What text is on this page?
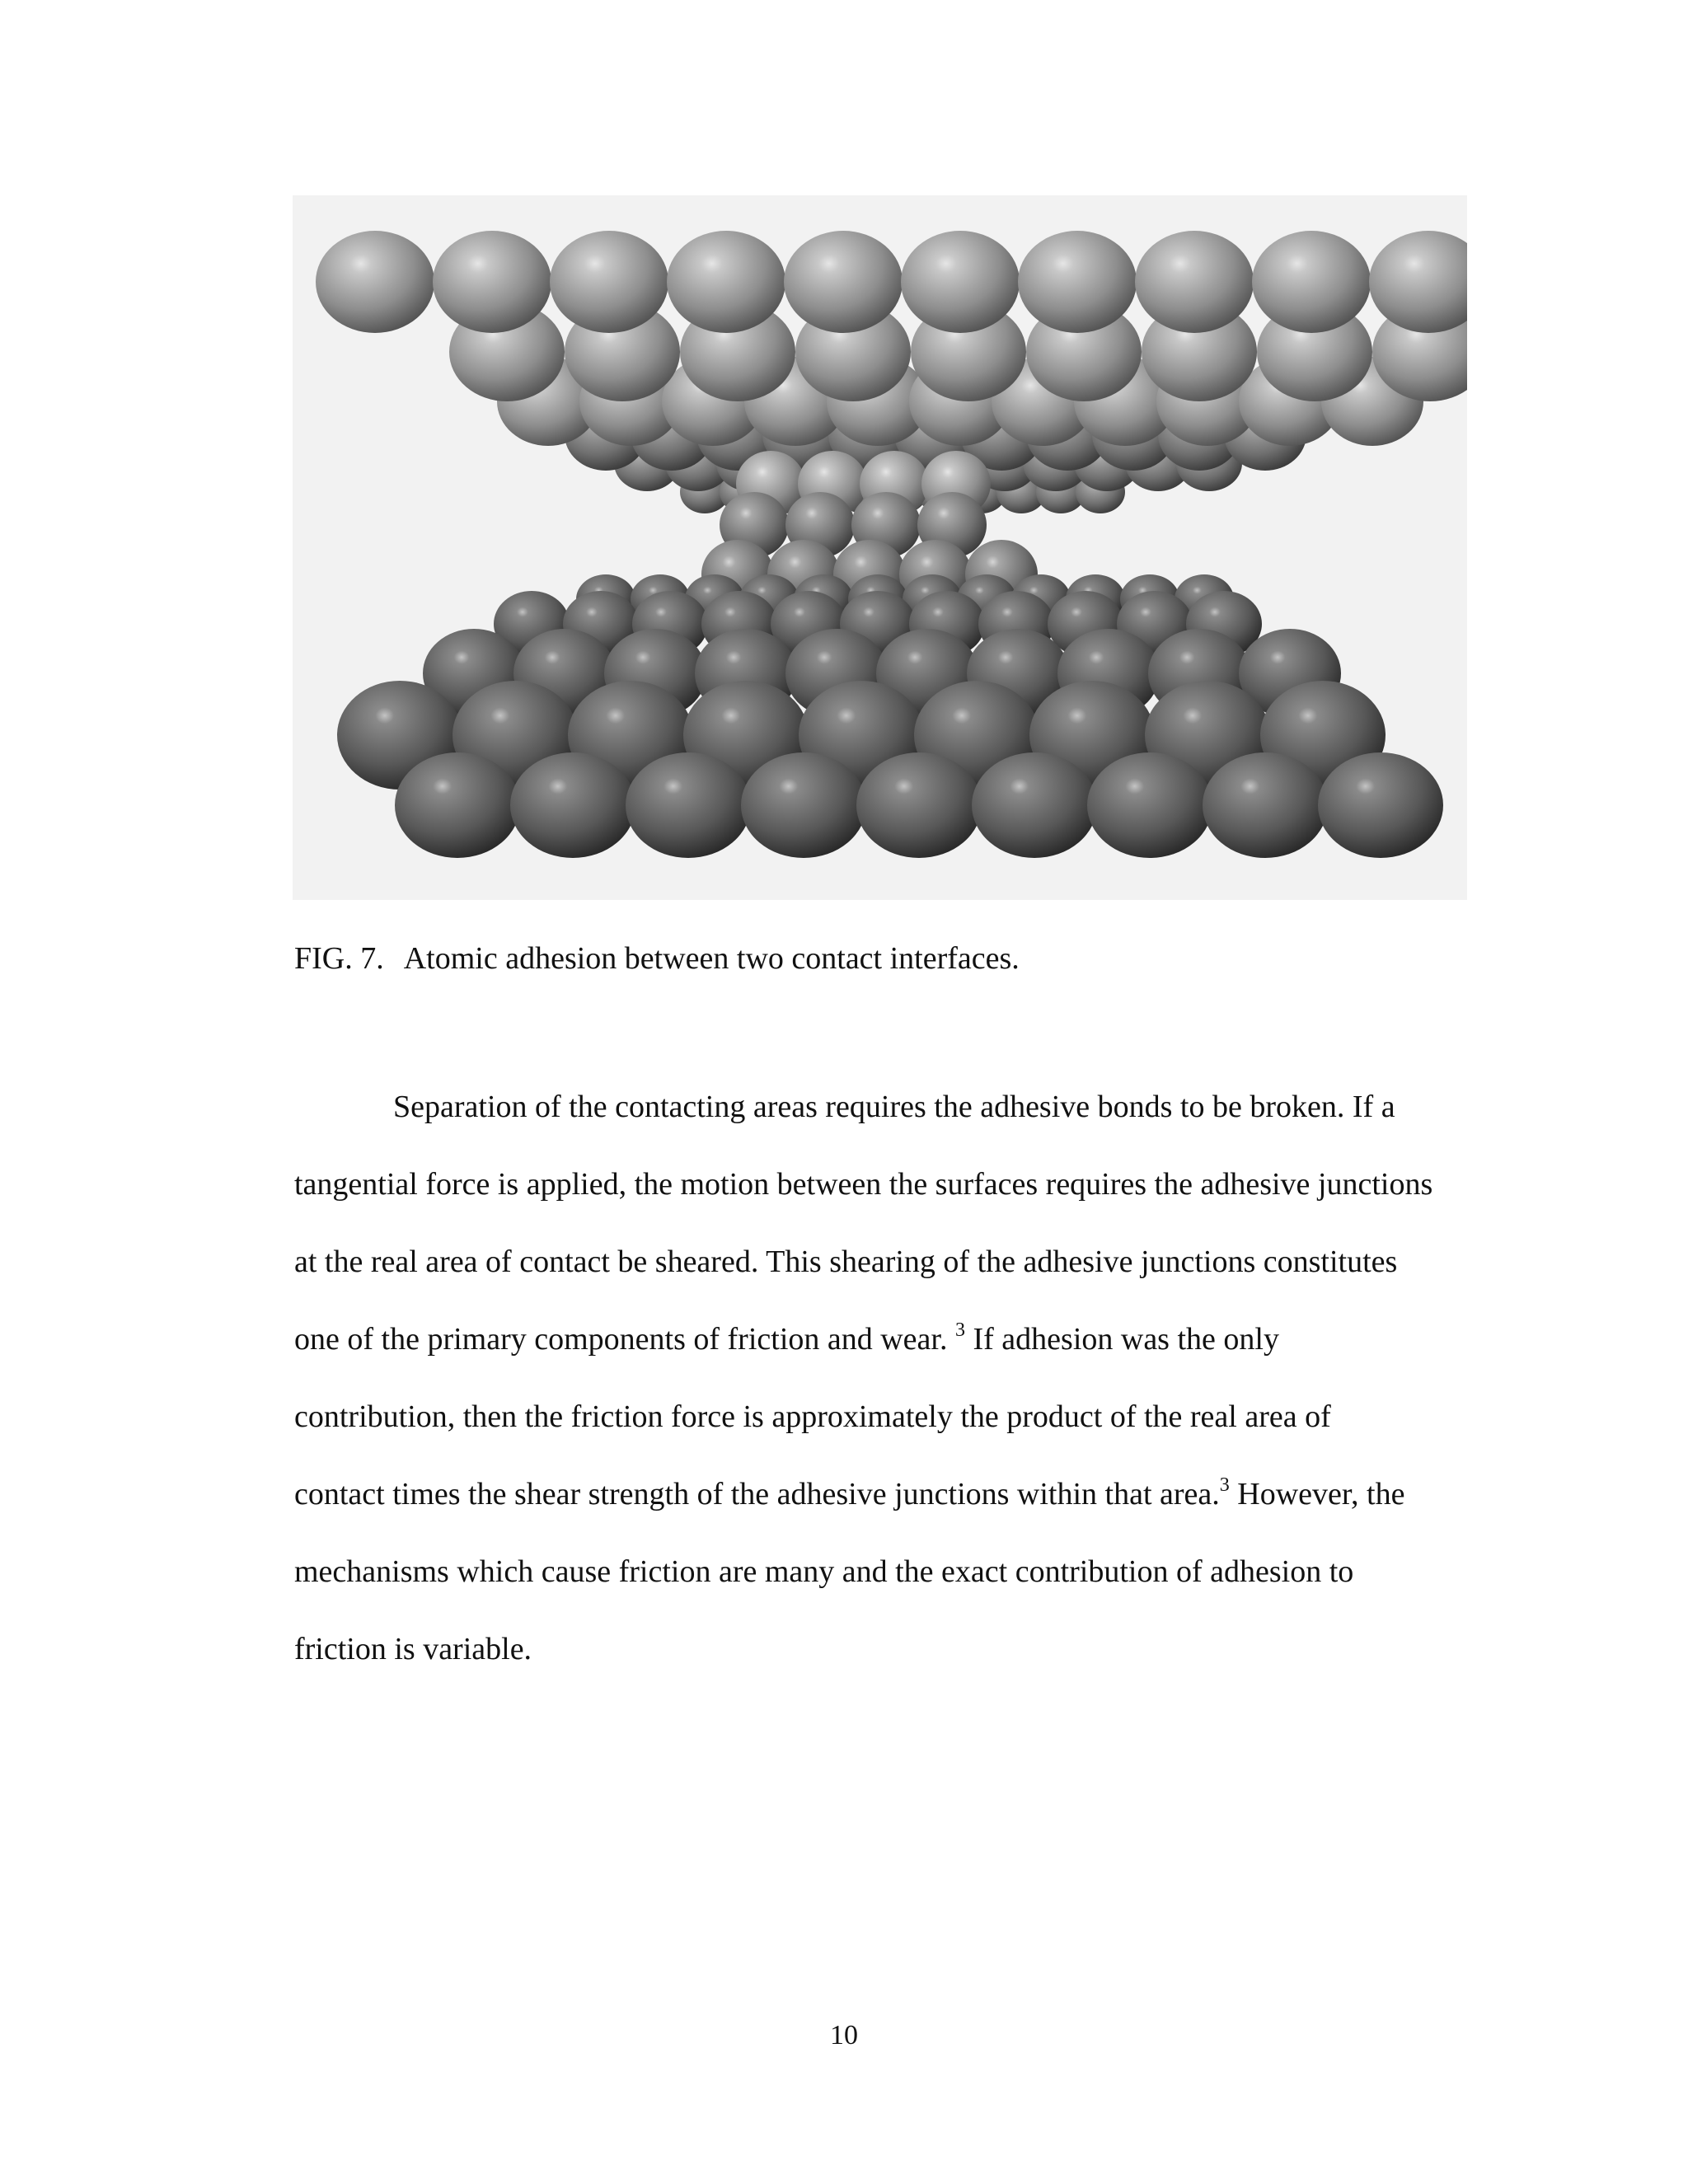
FIG. 7. Atomic adhesion between two contact interfaces.
Separation of the contacting areas requires the adhesive bonds to be broken. If a
tangential force is applied, the motion between the surfaces requires the adhesive junctions
at the real area of contact be sheared. This shearing of the adhesive junctions constitutes
one of the primary components of friction and wear. $^3$ If adhesion was the only
contribution, then the friction force is approximately the product of the real area of
contact times the shear strength of the adhesive junctions within that area.$^3$ However, the
mechanisms which cause friction are many and the exact contribution of adhesion to
friction is variable.
10
